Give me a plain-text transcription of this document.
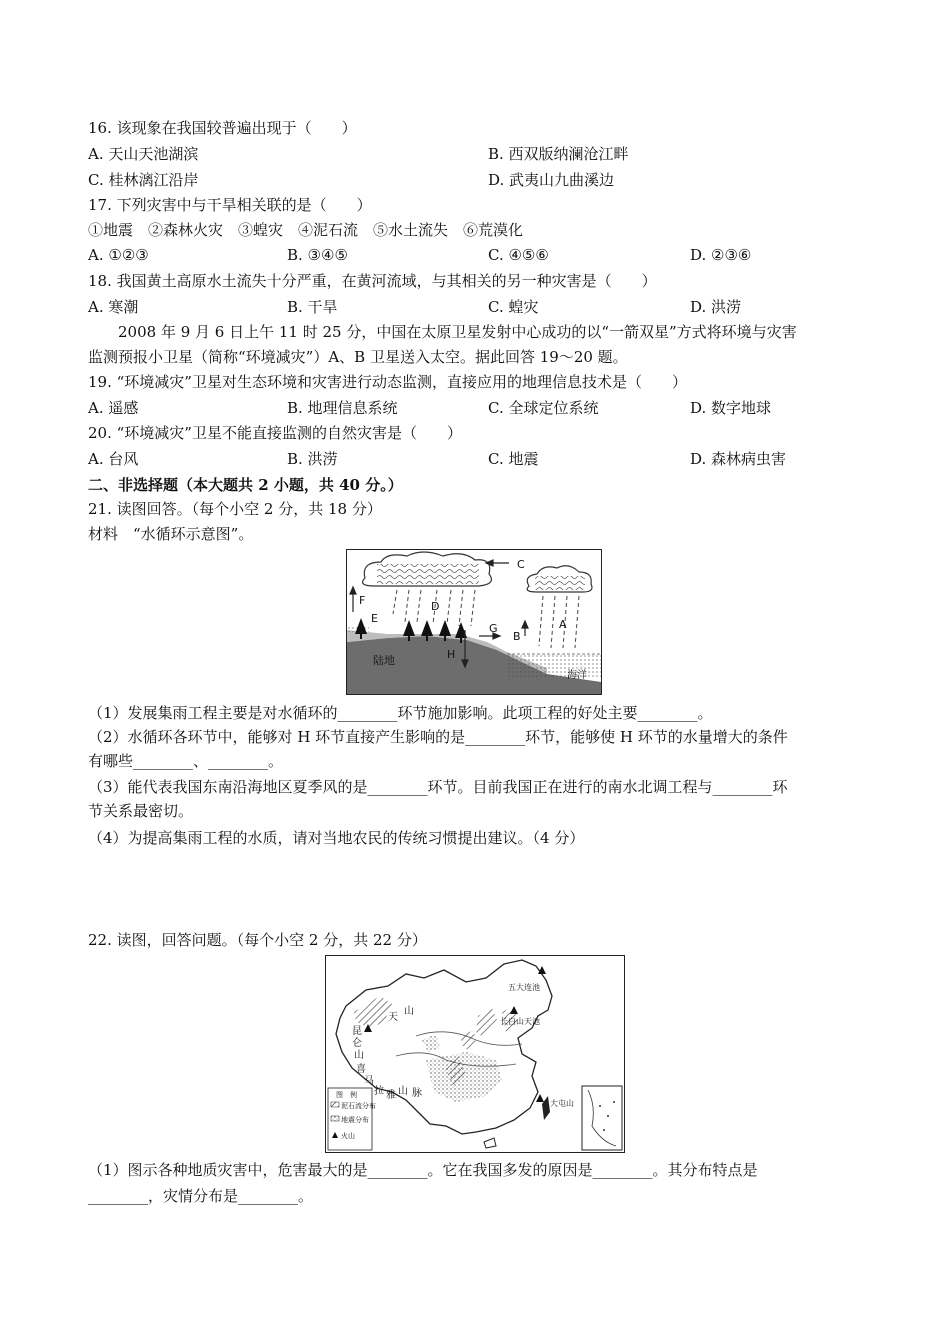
16. 该现象在我国较普遍出现于（　　）
A. 天山天池湖滨	B. 西双版纳澜沧江畔
C. 桂林漓江沿岸	D. 武夷山九曲溪边
17. 下列灾害中与干旱相关联的是（　　）
①地震　②森林火灾　③蝗灾　④泥石流　⑤水土流失　⑥荒漠化
A. ①②③	B. ③④⑤	C. ④⑤⑥	D. ②③⑥
18. 我国黄土高原水土流失十分严重，在黄河流域，与其相关的另一种灾害是（　　）
A. 寒潮	B. 干旱	C. 蝗灾	D. 洪涝
2008 年 9 月 6 日上午 11 时 25 分，中国在太原卫星发射中心成功的以“一箭双星”方式将环境与灾害
监测预报小卫星（简称“环境减灾”）A、B 卫星送入太空。据此回答 19～20 题。
19. “环境减灾”卫星对生态环境和灾害进行动态监测，直接应用的地理信息技术是（　　）
A. 遥感	B. 地理信息系统	C. 全球定位系统	D. 数字地球
20. “环境减灾”卫星不能直接监测的自然灾害是（　　）
A. 台风	B. 洪涝	C. 地震	D. 森林病虫害
二、非选择题（本大题共 2 小题，共 40 分。）
21. 读图回答。（每个小空 2 分，共 18 分）
材料　“水循环示意图”。
F
E
D
C
G
B
A
H
陆地
海洋
（1）发展集雨工程主要是对水循环的________环节施加影响。此项工程的好处主要________。
（2）水循环各环节中，能够对 H 环节直接产生影响的是________环节，能够使 H 环节的水量增大的条件
有哪些________、________。
（3）能代表我国东南沿海地区夏季风的是________环节。目前我国正在进行的南水北调工程与________环
节关系最密切。
（4）为提高集雨工程的水质，请对当地农民的传统习惯提出建议。（4 分）
22. 读图，回答问题。（每个小空 2 分，共 22 分）
五大连池
长白山天池
大屯山
天
山
昆
仑
山
喜
马
拉 雅 山 脉
图　例
泥石流分布
地震分布
火山
（1）图示各种地质灾害中，危害最大的是________。它在我国多发的原因是________。其分布特点是
________，灾情分布是________。
